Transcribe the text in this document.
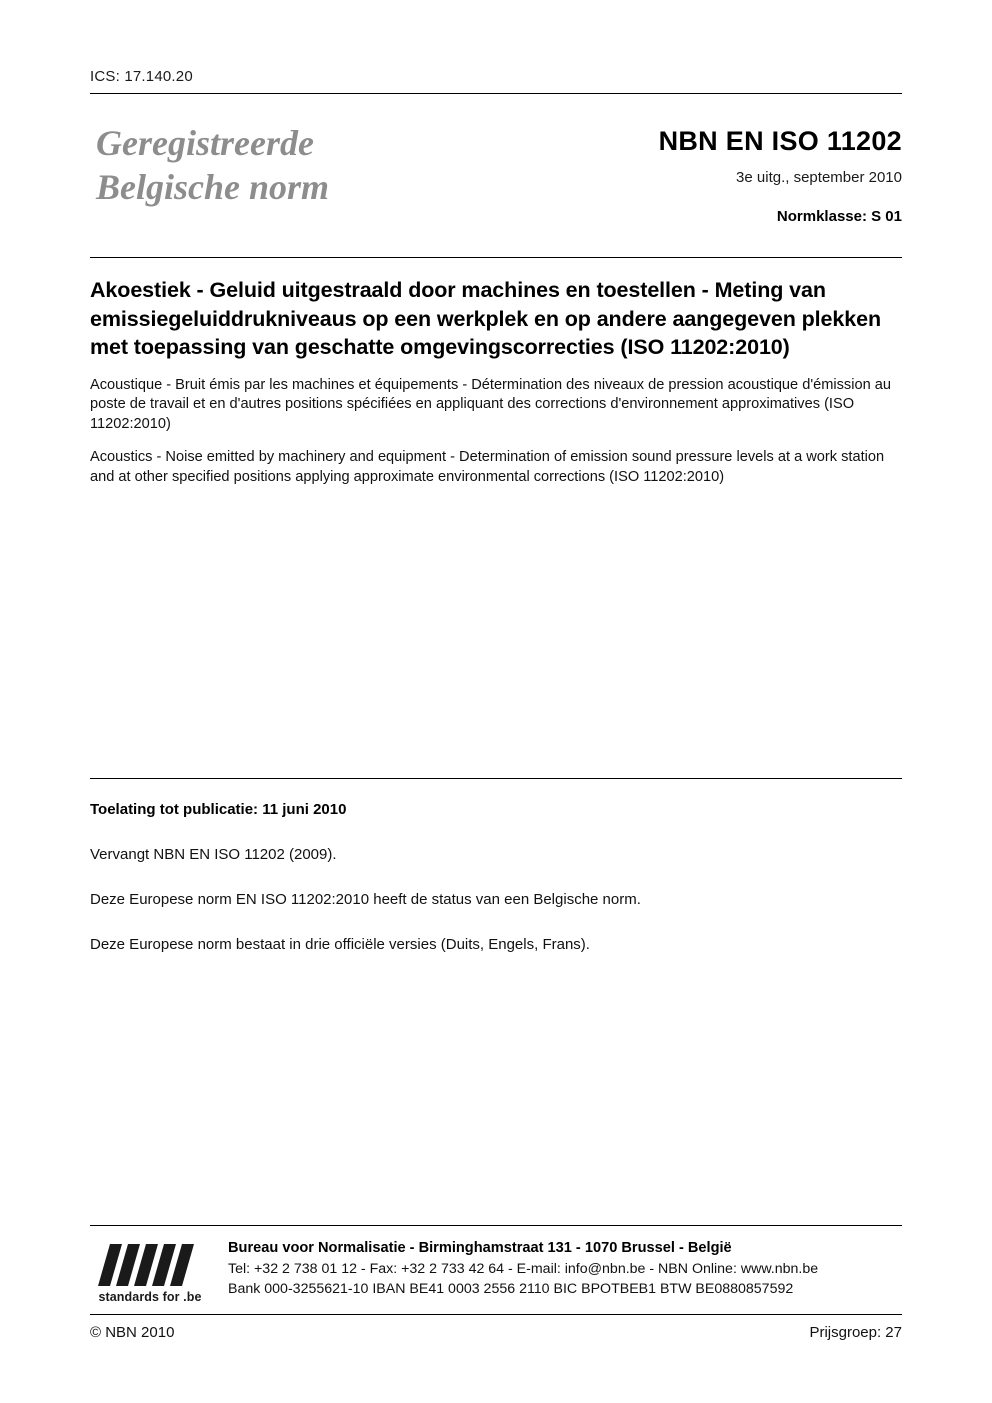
ICS: 17.140.20
Geregistreerde
Belgische norm
NBN EN ISO 11202
3e uitg., september 2010
Normklasse: S 01
Akoestiek - Geluid uitgestraald door machines en toestellen - Meting van emissiegeluiddrukniveaus op een werkplek en op andere aangegeven plekken met toepassing van geschatte omgevingscorrecties (ISO 11202:2010)
Acoustique - Bruit émis par les machines et équipements - Détermination des niveaux de pression acoustique d'émission au poste de travail et en d'autres positions spécifiées en appliquant des corrections d'environnement approximatives (ISO 11202:2010)
Acoustics - Noise emitted by machinery and equipment - Determination of emission sound pressure levels at a work station and at other specified positions applying approximate environmental corrections (ISO 11202:2010)
Toelating tot publicatie: 11 juni 2010
Vervangt NBN EN ISO 11202 (2009).
Deze Europese norm EN ISO 11202:2010 heeft de status van een Belgische norm.
Deze Europese norm bestaat in drie officiële versies (Duits, Engels, Frans).
standards for .be
Bureau voor Normalisatie - Birminghamstraat 131 - 1070 Brussel - België
Tel: +32 2 738 01 12 - Fax: +32 2 733 42 64 - E-mail: info@nbn.be - NBN Online: www.nbn.be
Bank 000-3255621-10 IBAN BE41 0003 2556 2110 BIC BPOTBEB1 BTW BE0880857592
© NBN 2010	Prijsgroep: 27
